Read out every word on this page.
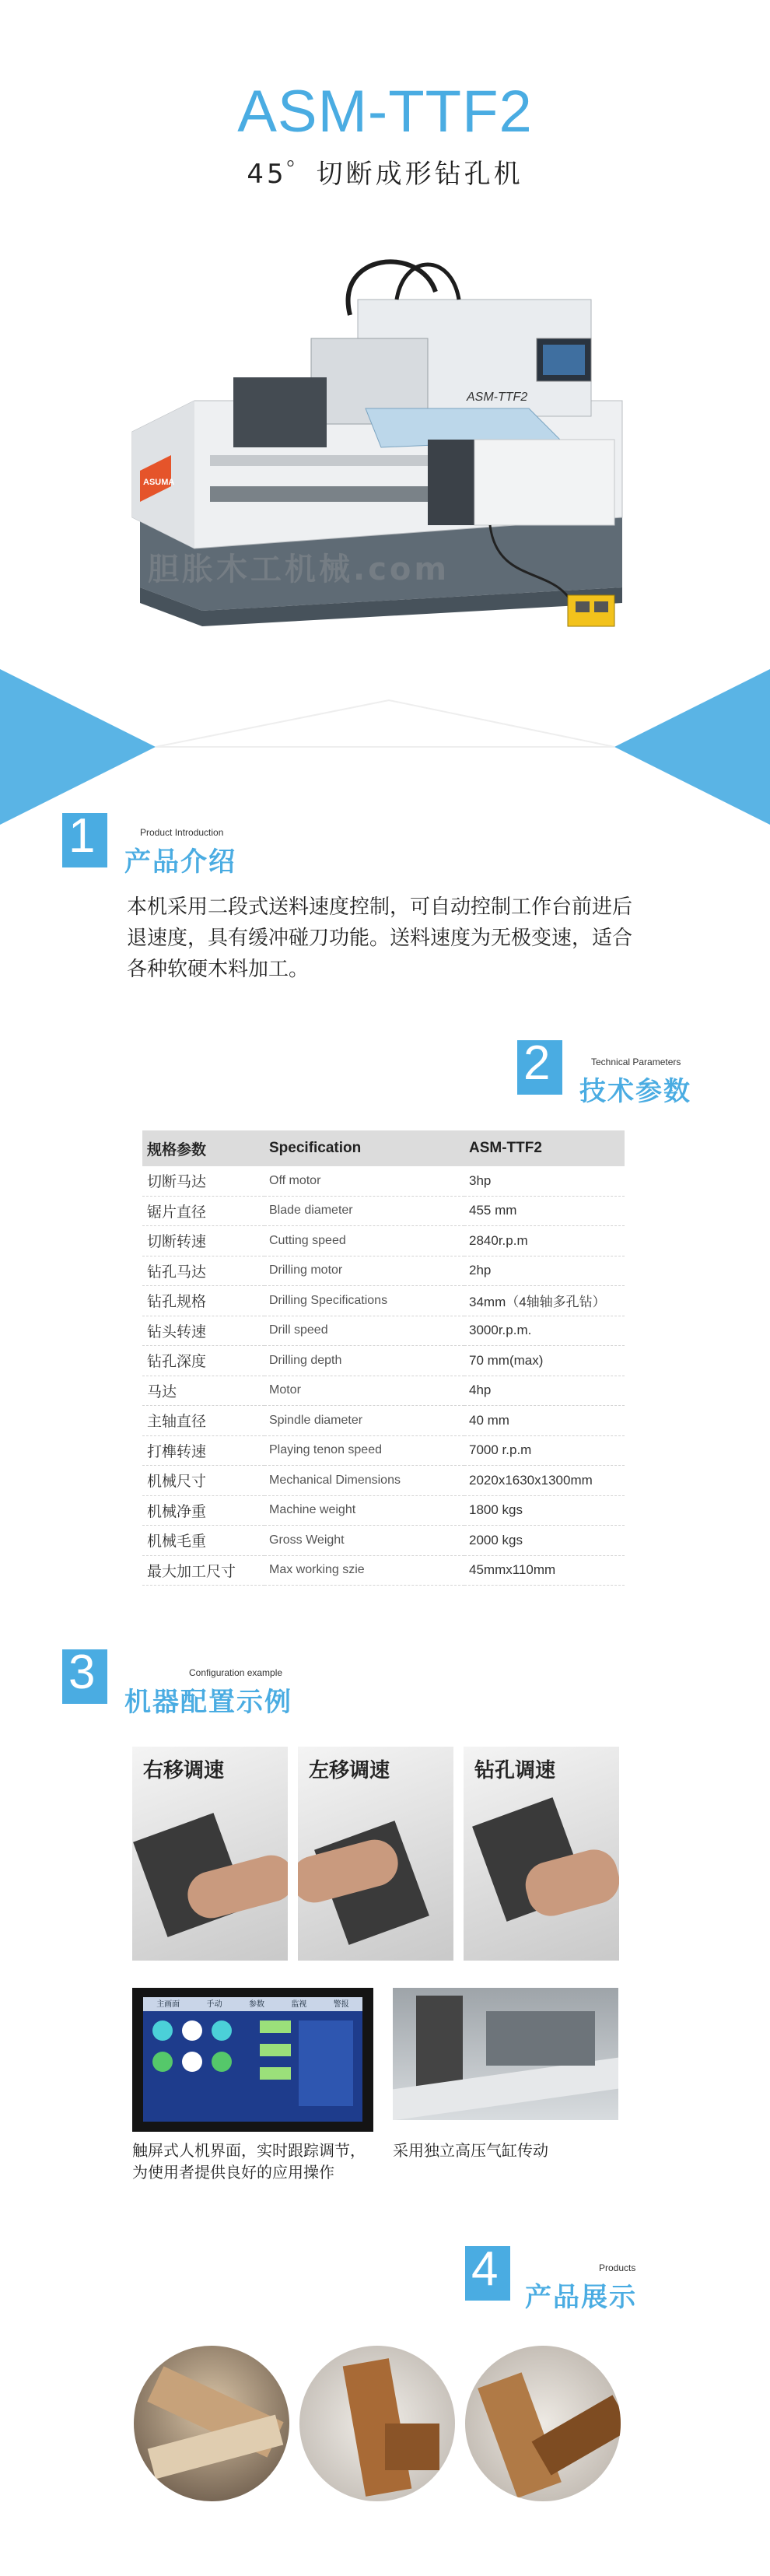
ASM-TTF2
45゜切断成形钻孔机
ASUMA
ASM-TTF2
1	Product Introduction
产品介绍
本机采用二段式送料速度控制，可自动控制工作台前进后退速度，具有缓冲碰刀功能。送料速度为无极变速，适合各种软硬木料加工。
2	Technical Parameters
技术参数
规格参数	Specification	ASM-TTF2
切断马达	Off motor	3hp
锯片直径	Blade diameter	455 mm
切断转速	Cutting speed	2840r.p.m
钻孔马达	Drilling motor	2hp
钻孔规格	Drilling Specifications	34mm（4轴轴多孔钻）
钻头转速	Drill speed	3000r.p.m.
钻孔深度	Drilling depth	70 mm(max)
马达	Motor	4hp
主轴直径	Spindle diameter	40 mm
打榫转速	Playing tenon speed	7000 r.p.m
机械尺寸	Mechanical Dimensions	2020x1630x1300mm
机械净重	Machine weight	1800 kgs
机械毛重	Gross Weight	2000 kgs
最大加工尺寸	Max working szie	45mmx110mm
3	Configuration example
机器配置示例
右移调速	左移调速	钻孔调速
主画面	手动	参数	监视	警报
触屏式人机界面，实时跟踪调节，为使用者提供良好的应用操作
采用独立高压气缸传动
4	Products
产品展示
胆胀木工机械.com
